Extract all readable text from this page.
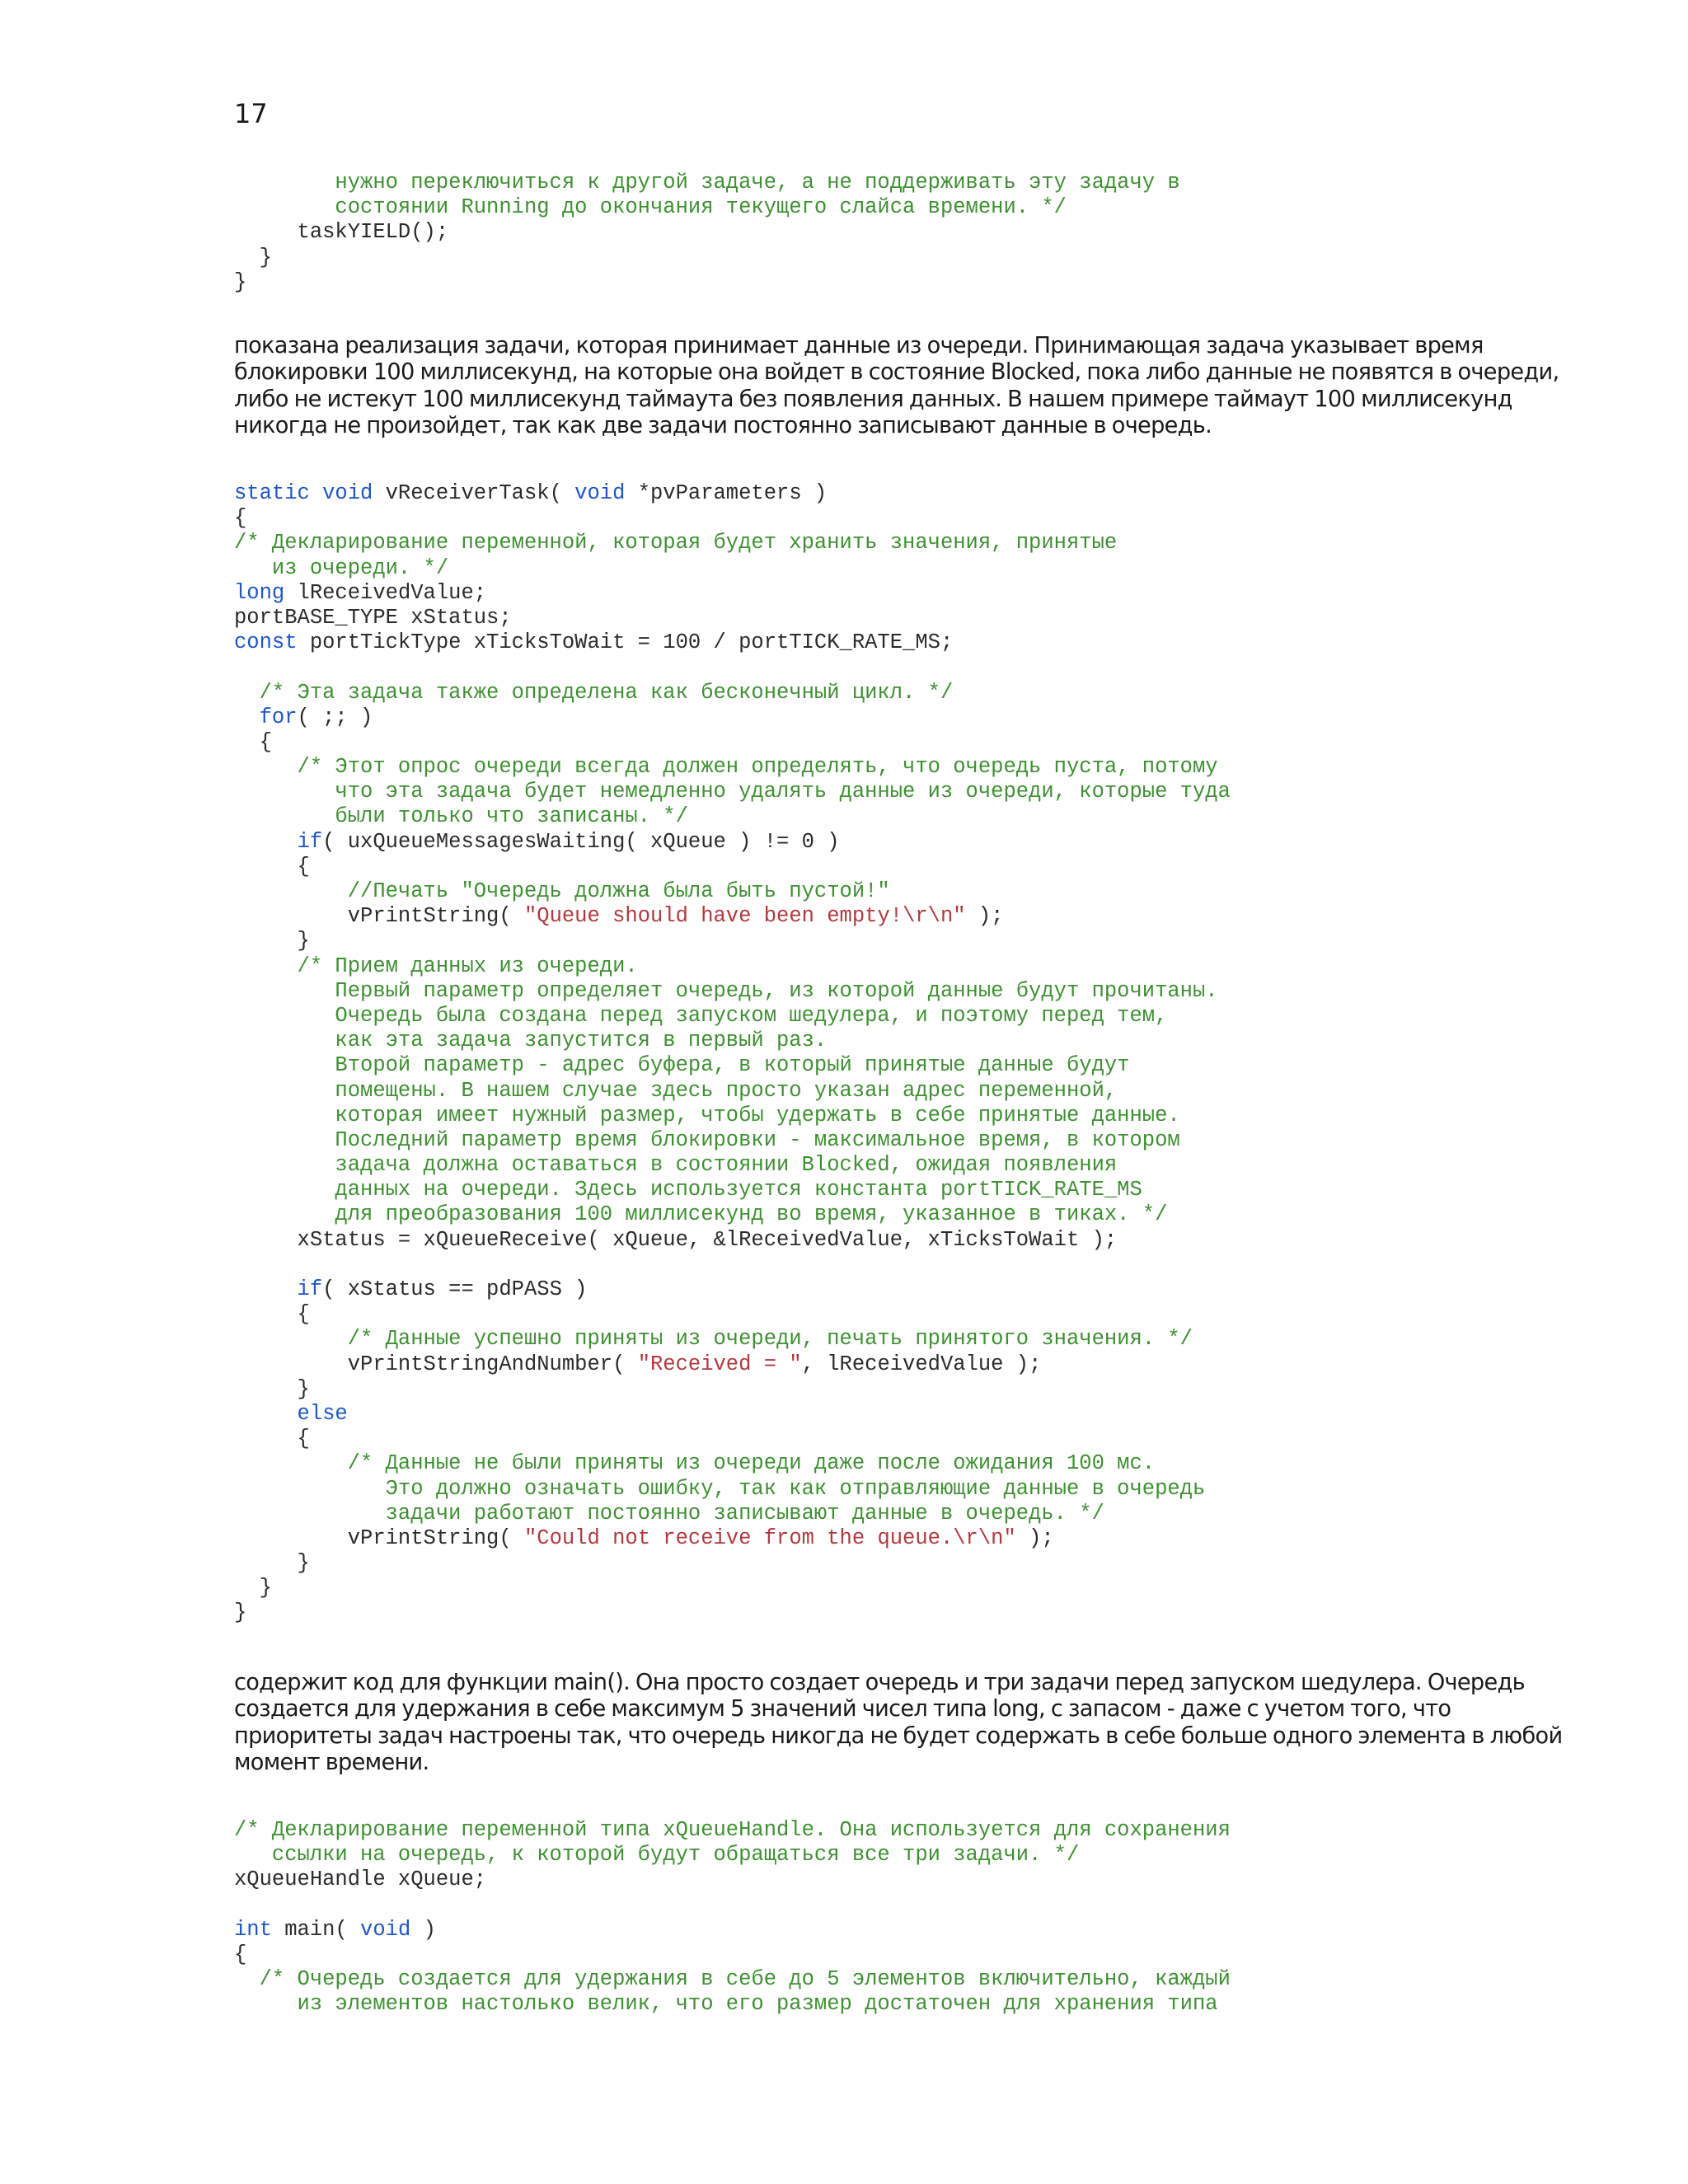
17
нужно переключиться к другой задаче, а не поддерживать эту задачу в
состоянии Running до окончания текущего слайса времени. */
taskYIELD();
}
}

показана реализация задачи, которая принимает данные из очереди. Принимающая задача указывает время блокировки 100 миллисекунд, на которые она войдет в состояние Blocked, пока либо данные не появятся в очереди, либо не истекут 100 миллисекунд таймаута без появления данных. В нашем примере таймаут 100 миллисекунд никогда не произойдет, так как две задачи постоянно записывают данные в очередь.

static void vReceiverTask( void *pvParameters )
{
/* Декларирование переменной, которая будет хранить значения, принятые
из очереди. */
long lReceivedValue;
portBASE_TYPE xStatus;
const portTickType xTicksToWait = 100 / portTICK_RATE_MS;
/* Эта задача также определена как бесконечный цикл. */
for( ;; )
{
/* Этот опрос очереди всегда должен определять, что очередь пуста, потому
что эта задача будет немедленно удалять данные из очереди, которые туда
были только что записаны. */
if( uxQueueMessagesWaiting( xQueue ) != 0 )
{
//Печать "Очередь должна была быть пустой!"
vPrintString( "Queue should have been empty!\r\n" );
}
/* Прием данных из очереди.
Первый параметр определяет очередь, из которой данные будут прочитаны.
Очередь была создана перед запуском шедулера, и поэтому перед тем,
как эта задача запустится в первый раз.
Второй параметр - адрес буфера, в который принятые данные будут
помещены. В нашем случае здесь просто указан адрес переменной,
которая имеет нужный размер, чтобы удержать в себе принятые данные.
Последний параметр время блокировки - максимальное время, в котором
задача должна оставаться в состоянии Blocked, ожидая появления
данных на очереди. Здесь используется константа portTICK_RATE_MS
для преобразования 100 миллисекунд во время, указанное в тиках. */
xStatus = xQueueReceive( xQueue, &lReceivedValue, xTicksToWait );
if( xStatus == pdPASS )
{
/* Данные успешно приняты из очереди, печать принятого значения. */
vPrintStringAndNumber( "Received = ", lReceivedValue );
}
else
{
/* Данные не были приняты из очереди даже после ожидания 100 мс.
Это должно означать ошибку, так как отправляющие данные в очередь
задачи работают постоянно записывают данные в очередь. */
vPrintString( "Could not receive from the queue.\r\n" );
}
}
}

содержит код для функции main(). Она просто создает очередь и три задачи перед запуском шедулера. Очередь создается для удержания в себе максимум 5 значений чисел типа long, с запасом - даже с учетом того, что приоритеты задач настроены так, что очередь никогда не будет содержать в себе больше одного элемента в любой момент времени.

/* Декларирование переменной типа xQueueHandle. Она используется для сохранения
ссылки на очередь, к которой будут обращаться все три задачи. */
xQueueHandle xQueue;
int main( void )
{
/* Очередь создается для удержания в себе до 5 элементов включительно, каждый
из элементов настолько велик, что его размер достаточен для хранения типа
